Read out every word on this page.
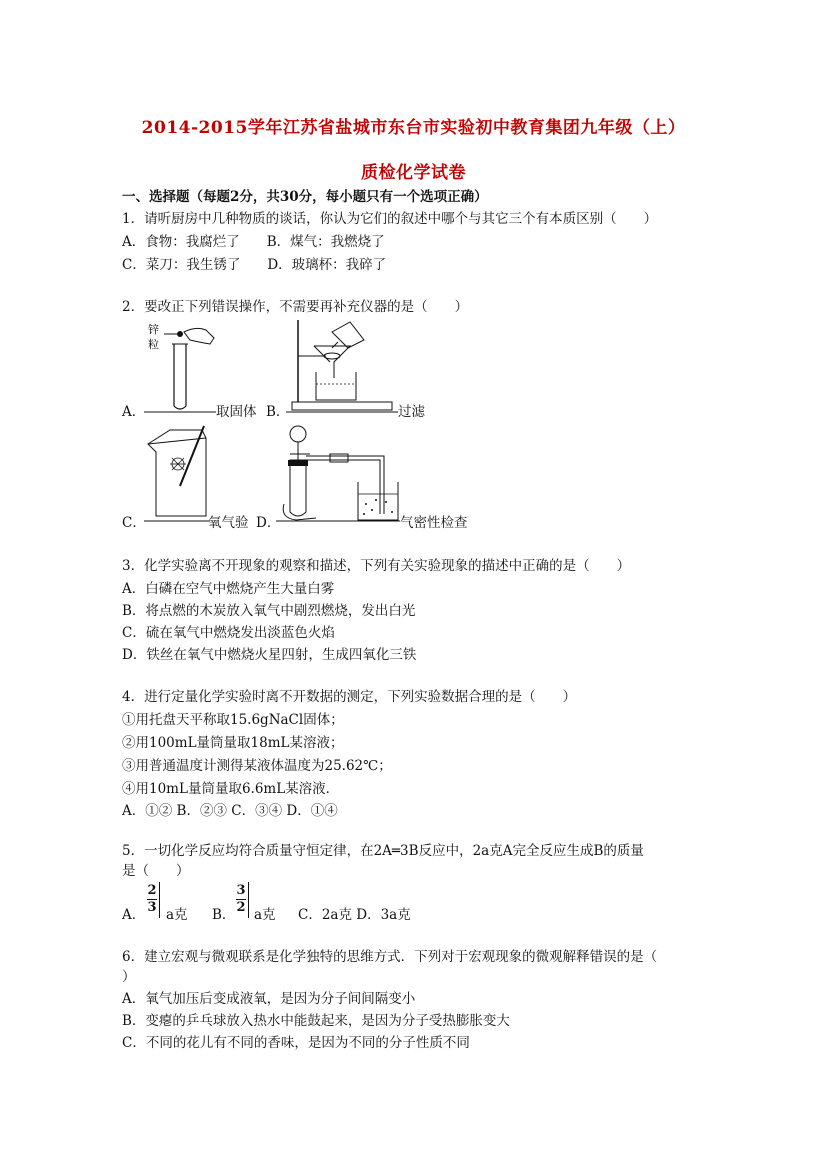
2014-2015学年江苏省盐城市东台市实验初中教育集团九年级（上）
质检化学试卷
一、选择题（每题2分，共30分，每小题只有一个选项正确）
1．请听厨房中几种物质的谈话，你认为它们的叙述中哪个与其它三个有本质区别（　　）
A．食物：我腐烂了　　B．煤气：我燃烧了
C．菜刀：我生锈了　　D．玻璃杯：我碎了
2．要改正下列错误操作，不需要再补充仪器的是（　　）
A．
锌
粒
取固体 B．	过滤
C．	氧气验 D．	气密性检查
3．化学实验离不开现象的观察和描述，下列有关实验现象的描述中正确的是（　　）
A．白磷在空气中燃烧产生大量白雾
B．将点燃的木炭放入氧气中剧烈燃烧，发出白光
C．硫在氧气中燃烧发出淡蓝色火焰
D．铁丝在氧气中燃烧火星四射，生成四氧化三铁
4．进行定量化学实验时离不开数据的测定，下列实验数据合理的是（　　）
①用托盘天平称取15.6gNaCl固体；
②用100mL量筒量取18mL某溶液；
③用普通温度计测得某液体温度为25.62℃；
④用10mL量筒量取6.6mL某溶液．
A．①② B．②③ C．③④ D．①④
5．一切化学反应均符合质量守恒定律，在2A═3B反应中，2a克A完全反应生成B的质量
是（　　）
A．
2
3 a克 B．
3
2 a克 C．2a克 D．3a克
6．建立宏观与微观联系是化学独特的思维方式．下列对于宏观现象的微观解释错误的是（
）
A．氧气加压后变成液氧，是因为分子间间隔变小
B．变瘪的乒乓球放入热水中能鼓起来，是因为分子受热膨胀变大
C．不同的花儿有不同的香味，是因为不同的分子性质不同
